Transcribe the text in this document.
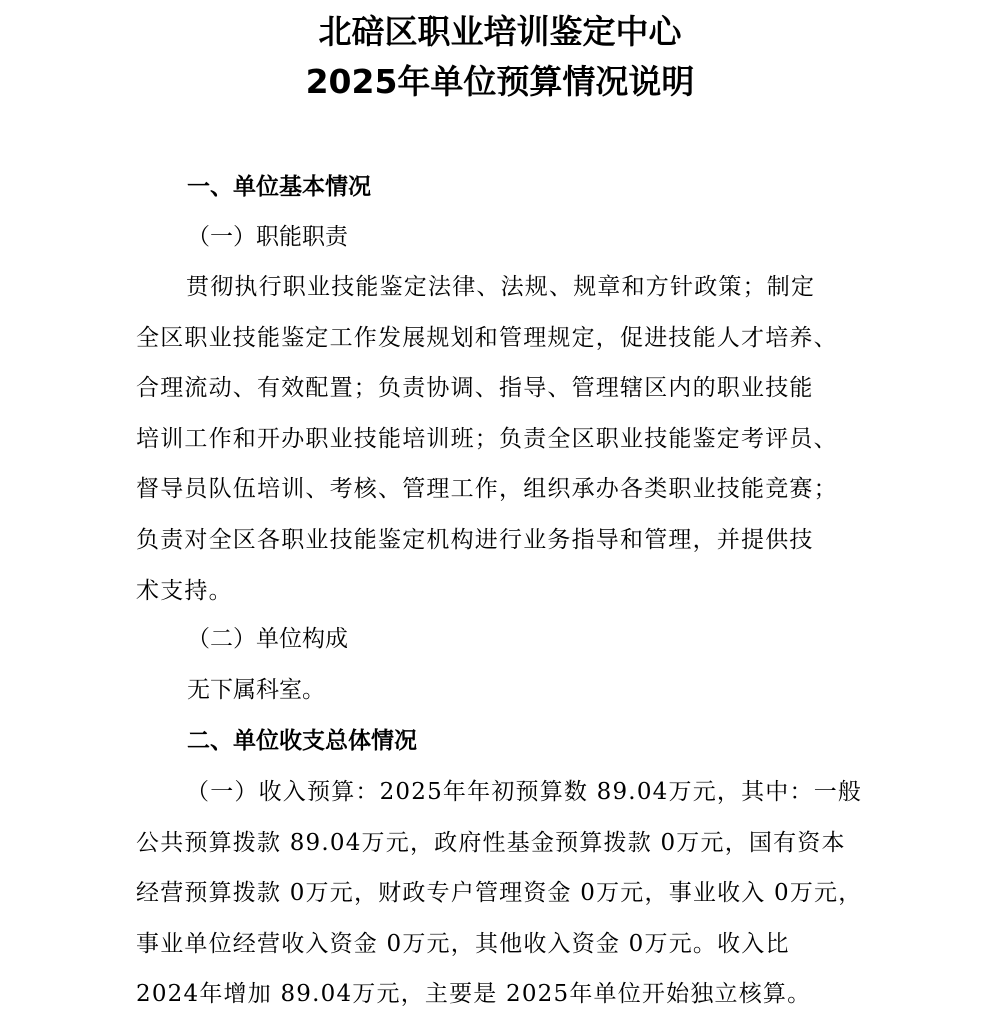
北碚区职业培训鉴定中心
2025年单位预算情况说明
一、单位基本情况
（一）职能职责
贯彻执行职业技能鉴定法律、法规、规章和方针政策；制定
全区职业技能鉴定工作发展规划和管理规定，促进技能人才培养、
合理流动、有效配置；负责协调、指导、管理辖区内的职业技能
培训工作和开办职业技能培训班；负责全区职业技能鉴定考评员、
督导员队伍培训、考核、管理工作，组织承办各类职业技能竞赛；
负责对全区各职业技能鉴定机构进行业务指导和管理，并提供技
术支持。
（二）单位构成
无下属科室。
二、单位收支总体情况
（一）收入预算：2025年年初预算数 89.04万元，其中：一般
公共预算拨款 89.04万元，政府性基金预算拨款 0万元，国有资本
经营预算拨款 0万元，财政专户管理资金 0万元，事业收入 0万元，
事业单位经营收入资金 0万元，其他收入资金 0万元。收入比
2024年增加 89.04万元，主要是 2025年单位开始独立核算。
